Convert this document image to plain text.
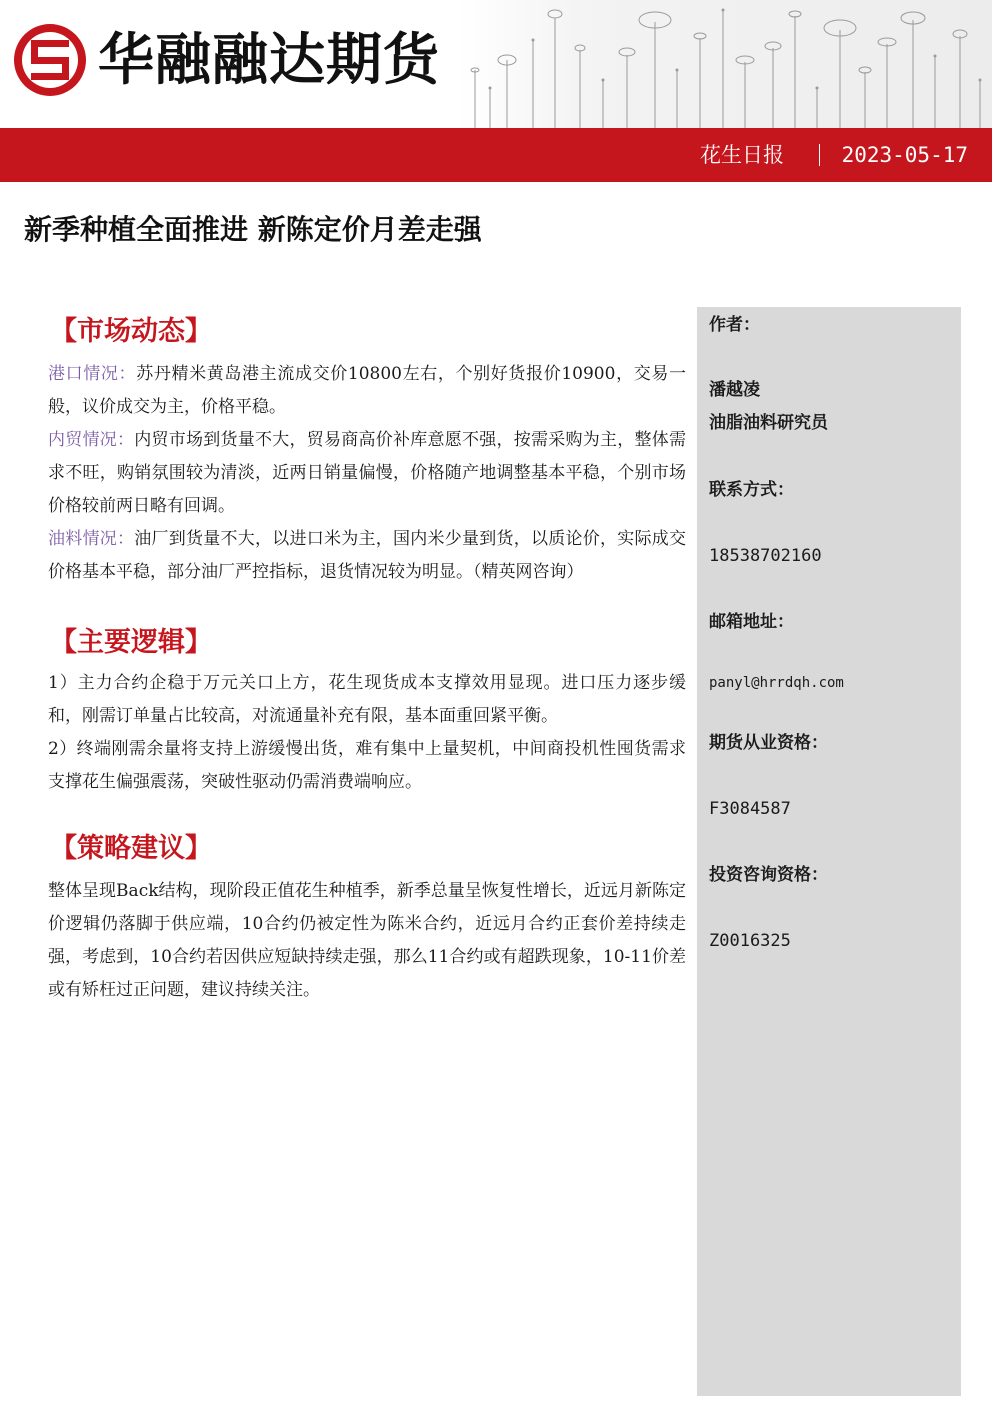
华融融达期货
花生日报	2023-05-17
新季种植全面推进 新陈定价月差走强
【市场动态】

港口情况：苏丹精米黄岛港主流成交价10800左右，个别好货报价10900，交易一般，议价成交为主，价格平稳。

内贸情况：内贸市场到货量不大，贸易商高价补库意愿不强，按需采购为主，整体需求不旺，购销氛围较为清淡，近两日销量偏慢，价格随产地调整基本平稳，个别市场价格较前两日略有回调。

油料情况：油厂到货量不大，以进口米为主，国内米少量到货，以质论价，实际成交价格基本平稳，部分油厂严控指标，退货情况较为明显。（精英网咨询）

【主要逻辑】

1）主力合约企稳于万元关口上方，花生现货成本支撑效用显现。进口压力逐步缓和，刚需订单量占比较高，对流通量补充有限，基本面重回紧平衡。

2）终端刚需余量将支持上游缓慢出货，难有集中上量契机，中间商投机性囤货需求支撑花生偏强震荡，突破性驱动仍需消费端响应。

【策略建议】

整体呈现Back结构，现阶段正值花生种植季，新季总量呈恢复性增长，近远月新陈定价逻辑仍落脚于供应端，10合约仍被定性为陈米合约，近远月合约正套价差持续走强，考虑到，10合约若因供应短缺持续走强，那么11合约或有超跌现象，10-11价差或有矫枉过正问题，建议持续关注。

作者：
潘越凌
油脂油料研究员
联系方式：
18538702160
邮箱地址：
panyl@hrrdqh.com
期货从业资格：
F3084587
投资咨询资格：
Z0016325
